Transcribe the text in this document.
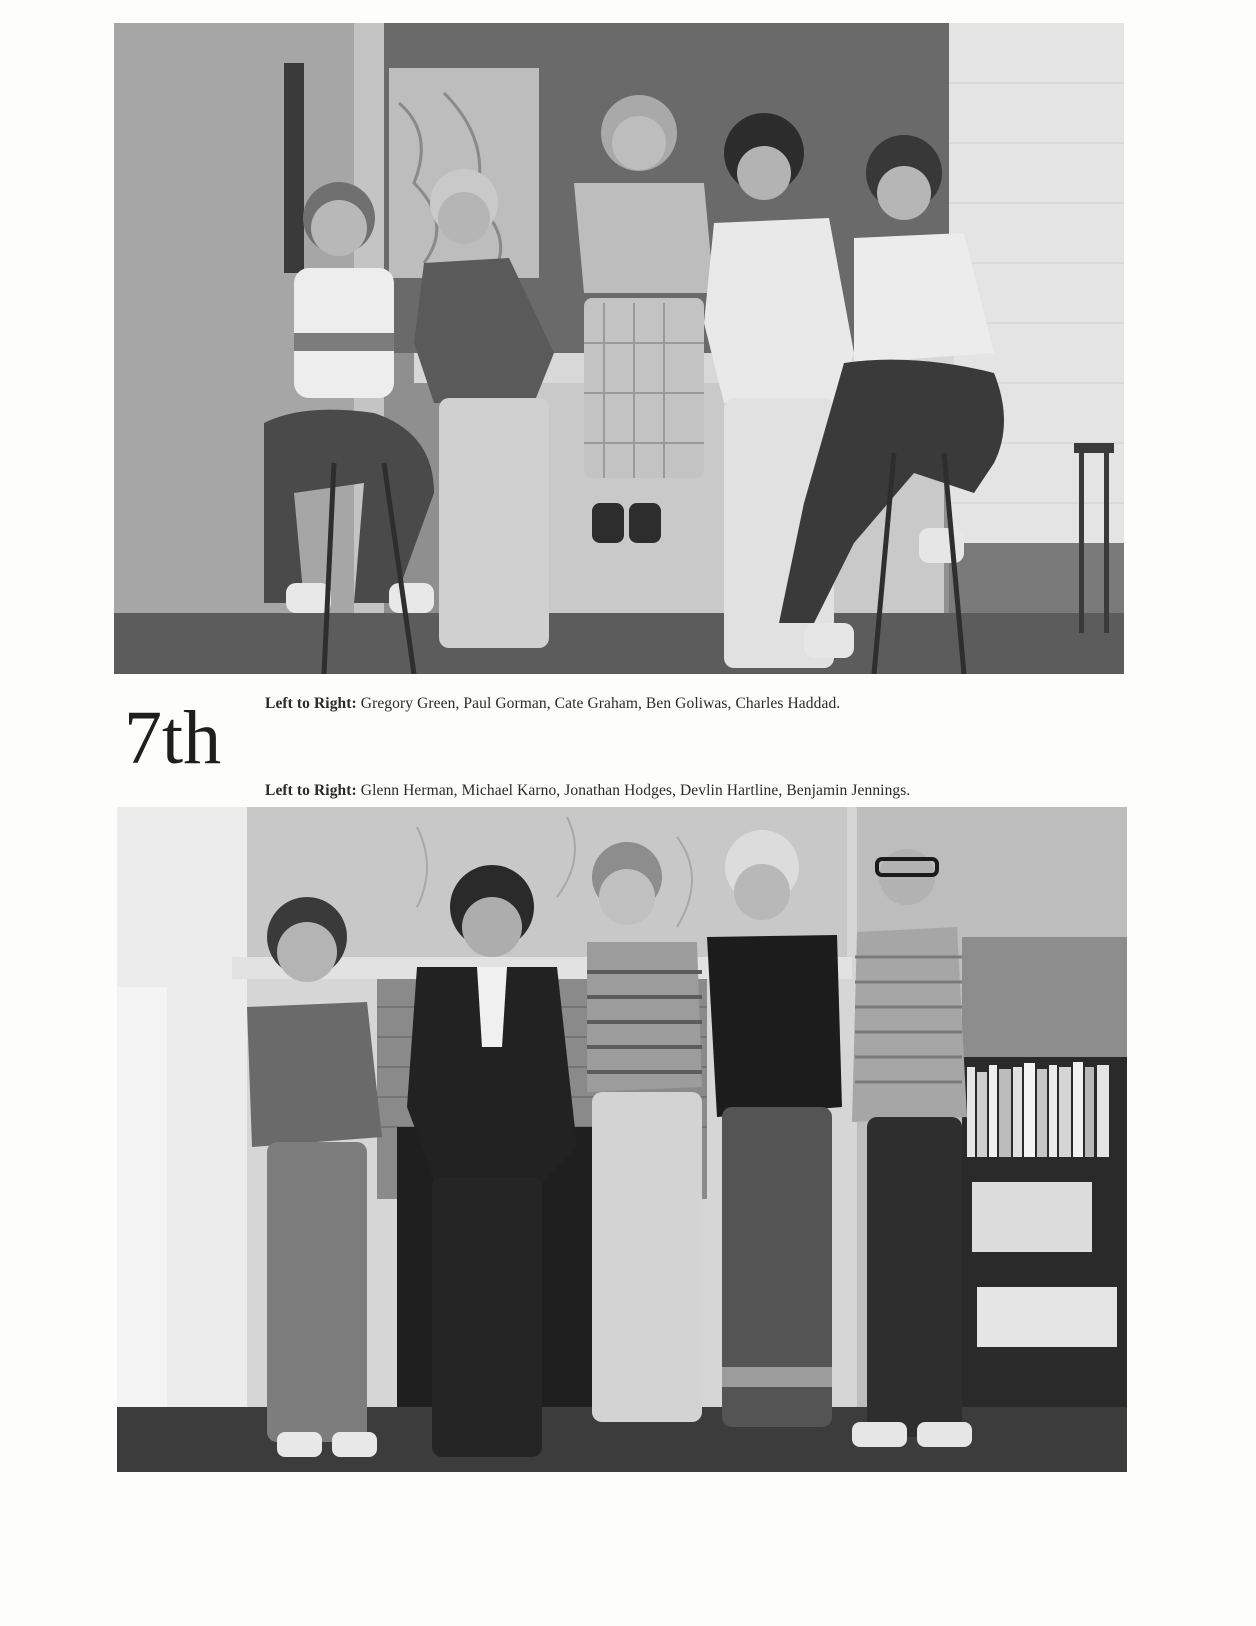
Left to Right: Gregory Green, Paul Gorman, Cate Graham, Ben Goliwas, Charles Haddad.
7th
Left to Right: Glenn Herman, Michael Karno, Jonathan Hodges, Devlin Hartline, Benjamin Jennings.
